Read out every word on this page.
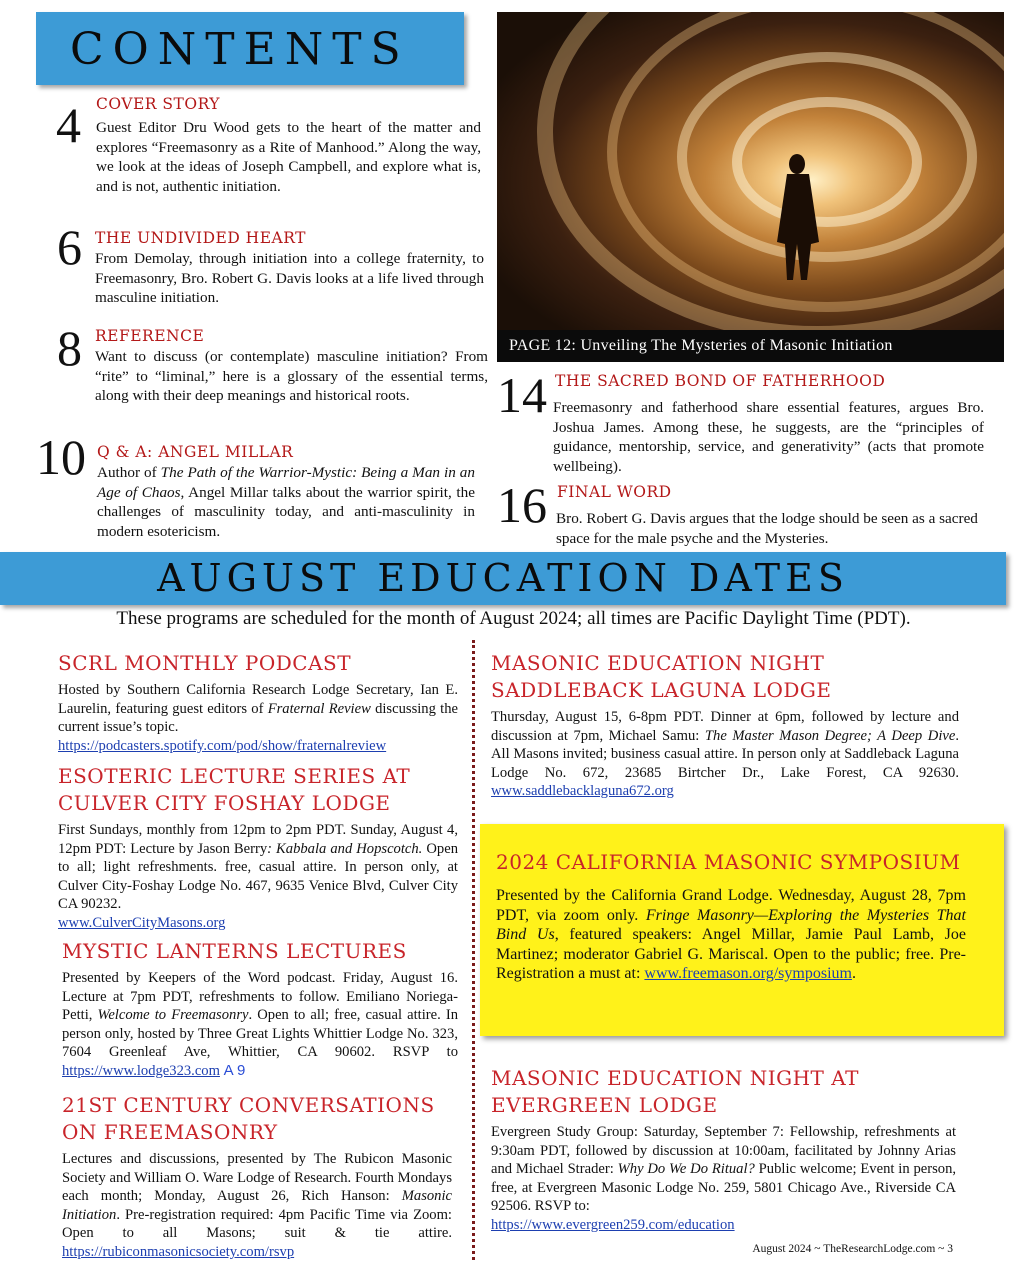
CONTENTS
4 COVER STORY
Guest Editor Dru Wood gets to the heart of the matter and explores “Freemasonry as a Rite of Manhood.” Along the way, we look at the ideas of Joseph Campbell, and explore what is, and is not, authentic initiation.
6 THE UNDIVIDED HEART
From Demolay, through initiation into a college fraternity, to Freemasonry, Bro. Robert G. Davis looks at a life lived through masculine initiation.
8 REFERENCE
Want to discuss (or contemplate) masculine initiation? From “rite” to “liminal,” here is a glossary of the essential terms, along with their deep meanings and historical roots.
10 Q & A: ANGEL MILLAR
Author of The Path of the Warrior-Mystic: Being a Man in an Age of Chaos, Angel Millar talks about the warrior spirit, the challenges of masculinity today, and anti-masculinity in modern esotericism.
PAGE 12: Unveiling The Mysteries of Masonic Initiation
14 THE SACRED BOND OF FATHERHOOD
Freemasonry and fatherhood share essential features, argues Bro. Joshua James. Among these, he suggests, are the “principles of guidance, mentorship, service, and generativity” (acts that promote wellbeing).
16 FINAL WORD
Bro. Robert G. Davis argues that the lodge should be seen as a sacred space for the male psyche and the Mysteries.
AUGUST EDUCATION DATES
These programs are scheduled for the month of August 2024; all times are Pacific Daylight Time (PDT).
SCRL MONTHLY PODCAST
Hosted by Southern California Research Lodge Secretary, Ian E. Laurelin, featuring guest editors of Fraternal Review discussing the current issue’s topic.
https://podcasters.spotify.com/pod/show/fraternalreview
ESOTERIC LECTURE SERIES AT CULVER CITY FOSHAY LODGE
First Sundays, monthly from 12pm to 2pm PDT. Sunday, August 4, 12pm PDT: Lecture by Jason Berry: Kabbala and Hopscotch. Open to all; light refreshments. free, casual attire. In person only, at Culver City-Foshay Lodge No. 467, 9635 Venice Blvd, Culver City CA 90232.
www.CulverCityMasons.org
MYSTIC LANTERNS LECTURES
Presented by Keepers of the Word podcast. Friday, August 16. Lecture at 7pm PDT, refreshments to follow. Emiliano Noriega-Petti, Welcome to Freemasonry. Open to all; free, casual attire. In person only, hosted by Three Great Lights Whittier Lodge No. 323, 7604 Greenleaf Ave, Whittier, CA 90602. RSVP to https://www.lodge323.com A 9
21ST CENTURY CONVERSATIONS ON FREEMASONRY
Lectures and discussions, presented by The Rubicon Masonic Society and William O. Ware Lodge of Research. Fourth Mondays each month; Monday, August 26, Rich Hanson: Masonic Initiation. Pre-registration required: 4pm Pacific Time via Zoom: Open to all Masons; suit & tie attire. https://rubiconmasonicsociety.com/rsvp
MASONIC EDUCATION NIGHT SADDLEBACK LAGUNA LODGE
Thursday, August 15, 6-8pm PDT. Dinner at 6pm, followed by lecture and discussion at 7pm, Michael Samu: The Master Mason Degree; A Deep Dive. All Masons invited; business casual attire. In person only at Saddleback Laguna Lodge No. 672, 23685 Birtcher Dr., Lake Forest, CA 92630. www.saddlebacklaguna672.org
2024 CALIFORNIA MASONIC SYMPOSIUM
Presented by the California Grand Lodge. Wednesday, August 28, 7pm PDT, via zoom only. Fringe Masonry—Exploring the Mysteries That Bind Us, featured speakers: Angel Millar, Jamie Paul Lamb, Joe Martinez; moderator Gabriel G. Mariscal. Open to the public; free. Pre-Registration a must at: www.freemason.org/symposium.
MASONIC EDUCATION NIGHT AT EVERGREEN LODGE
Evergreen Study Group: Saturday, September 7: Fellowship, refreshments at 9:30am PDT, followed by discussion at 10:00am, facilitated by Johnny Arias and Michael Strader: Why Do We Do Ritual? Public welcome; Event in person, free, at Evergreen Masonic Lodge No. 259, 5801 Chicago Ave., Riverside CA 92506. RSVP to:
https://www.evergreen259.com/education
August 2024 ~ TheResearchLodge.com ~ 3
